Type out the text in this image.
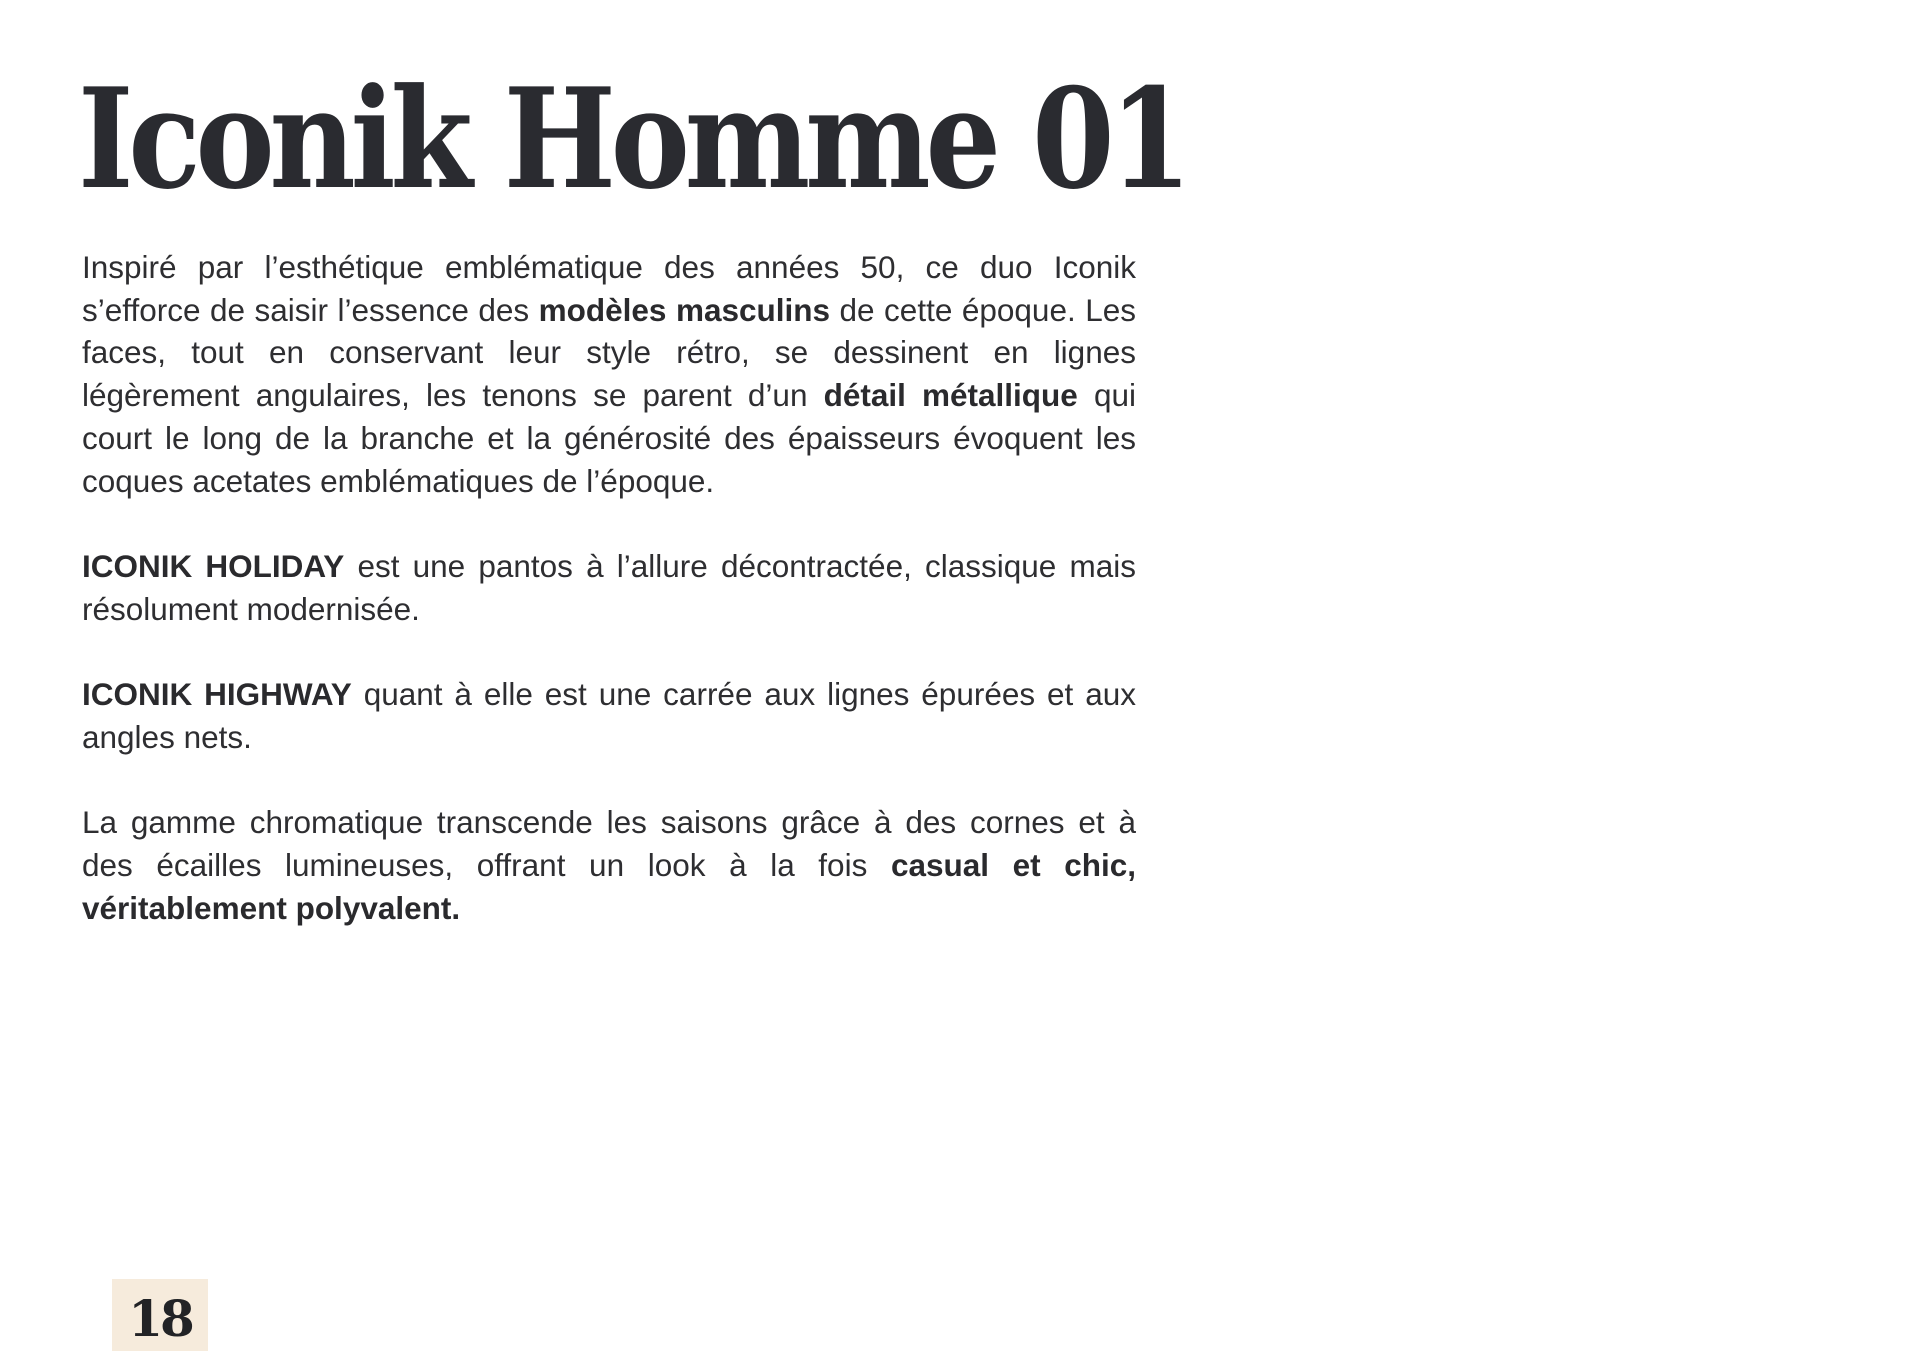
Iconik Homme 01

Inspiré par l’esthétique emblématique des années 50, ce duo Iconik s’efforce de saisir l’essence des modèles masculins de cette époque. Les faces, tout en conservant leur style rétro, se dessinent en lignes légèrement angulaires, les tenons se parent d’un détail métallique qui court le long de la branche et la générosité des épaisseurs évoquent les coques acetates emblématiques de l’époque.

ICONIK HOLIDAY est une pantos à l’allure décontractée, classique mais résolument modernisée.

ICONIK HIGHWAY quant à elle est une carrée aux lignes épurées et aux angles nets.

La gamme chromatique transcende les saisons grâce à des cornes et à des écailles lumineuses, offrant un look à la fois casual et chic, véritablement polyvalent.

18
